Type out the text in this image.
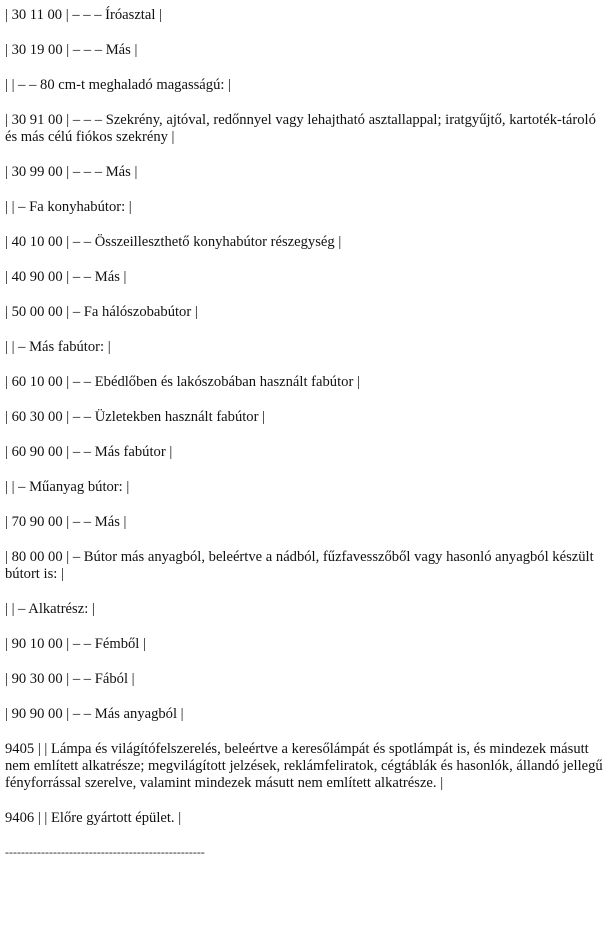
| 30 11 00 | – – – Íróasztal |

| 30 19 00 | – – – Más |

| | – – 80 cm-t meghaladó magasságú: |

| 30 91 00 | – – – Szekrény, ajtóval, redőnnyel vagy lehajtható asztallappal; iratgyűjtő, kartoték-tároló és más célú fiókos szekrény |

| 30 99 00 | – – – Más |

| | – Fa konyhabútor: |

| 40 10 00 | – – Összeilleszthető konyhabútor részegység |

| 40 90 00 | – – Más |

| 50 00 00 | – Fa hálószobabútor |

| | – Más fabútor: |

| 60 10 00 | – – Ebédlőben és lakószobában használt fabútor |

| 60 30 00 | – – Üzletekben használt fabútor |

| 60 90 00 | – – Más fabútor |

| | – Műanyag bútor: |

| 70 90 00 | – – Más |

| 80 00 00 | – Bútor más anyagból, beleértve a nádból, fűzfavesszőből vagy hasonló anyagból készült bútort is: |

| | – Alkatrész: |

| 90 10 00 | – – Fémből |

| 90 30 00 | – – Fából |

| 90 90 00 | – – Más anyagból |

9405 | | Lámpa és világítófelszerelés, beleértve a keresőlámpát és spotlámpát is, és mindezek másutt nem említett alkatrésze; megvilágított jelzések, reklámfeliratok, cégtáblák és hasonlók, állandó jellegű fényforrással szerelve, valamint mindezek másutt nem említett alkatrésze. |

9406 | | Előre gyártott épület. |

--------------------------------------------------
